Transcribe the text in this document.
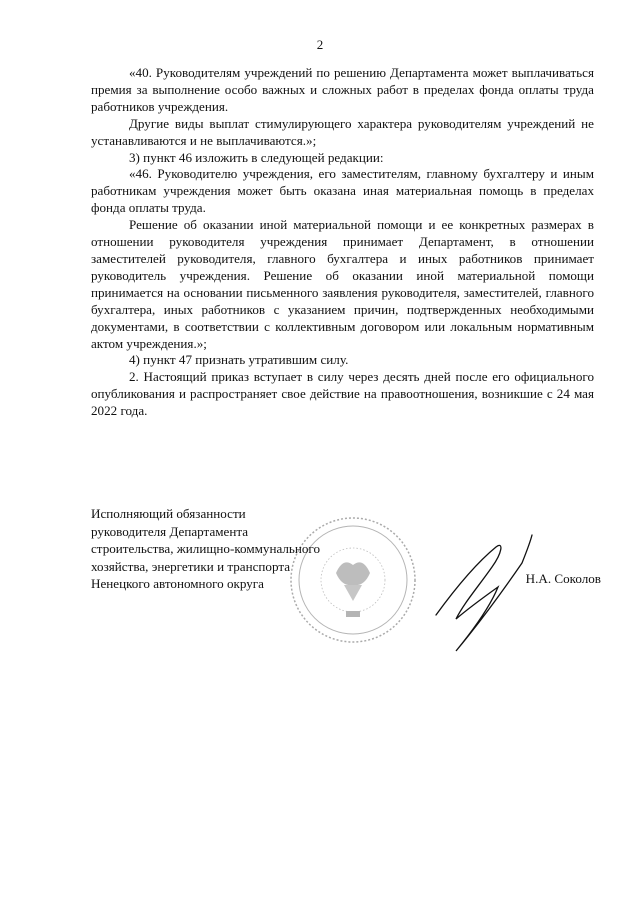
2

«40. Руководителям учреждений по решению Департамента может выплачиваться премия за выполнение особо важных и сложных работ в пределах фонда оплаты труда работников учреждения.

Другие виды выплат стимулирующего характера руководителям учреждений не устанавливаются и не выплачиваются.»;

3) пункт 46 изложить в следующей редакции:

«46. Руководителю учреждения, его заместителям, главному бухгалтеру и иным работникам учреждения может быть оказана иная материальная помощь в пределах фонда оплаты труда.

Решение об оказании иной материальной помощи и ее конкретных размерах в отношении руководителя учреждения принимает Департамент, в отношении заместителей руководителя, главного бухгалтера и иных работников принимает руководитель учреждения. Решение об оказании иной материальной помощи принимается на основании письменного заявления руководителя, заместителей, главного бухгалтера, иных работников с указанием причин, подтвержденных необходимыми документами, в соответствии с коллективным договором или локальным нормативным актом учреждения.»;

4) пункт 47 признать утратившим силу.

2. Настоящий приказ вступает в силу через десять дней после его официального опубликования и распространяет свое действие на правоотношения, возникшие с 24 мая 2022 года.

Исполняющий обязанности
руководителя Департамента
строительства, жилищно-коммунального
хозяйства, энергетики и транспорта
Ненецкого автономного округа	Н.А. Соколов
